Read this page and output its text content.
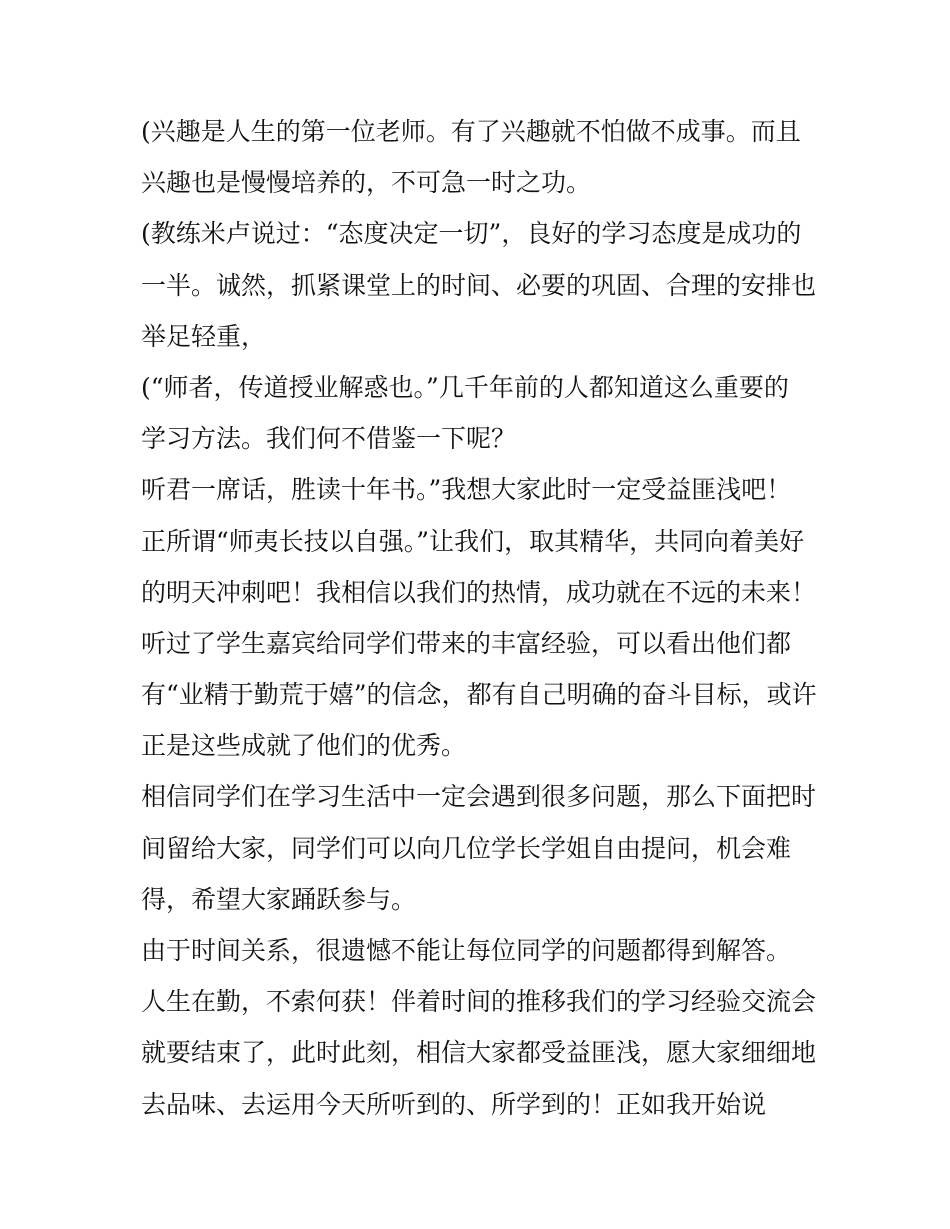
(兴趣是人生的第一位老师。有了兴趣就不怕做不成事。而且
兴趣也是慢慢培养的，不可急一时之功。
(教练米卢说过：“态度决定一切”，良好的学习态度是成功的
一半。诚然，抓紧课堂上的时间、必要的巩固、合理的安排也
举足轻重，
(“师者，传道授业解惑也。”几千年前的人都知道这么重要的
学习方法。我们何不借鉴一下呢？
听君一席话，胜读十年书。”我想大家此时一定受益匪浅吧！
正所谓“师夷长技以自强。”让我们，取其精华，共同向着美好
的明天冲刺吧！我相信以我们的热情，成功就在不远的未来！
听过了学生嘉宾给同学们带来的丰富经验，可以看出他们都
有“业精于勤荒于嬉”的信念，都有自己明确的奋斗目标，或许
正是这些成就了他们的优秀。
相信同学们在学习生活中一定会遇到很多问题，那么下面把时
间留给大家，同学们可以向几位学长学姐自由提问，机会难
得，希望大家踊跃参与。
由于时间关系，很遗憾不能让每位同学的问题都得到解答。
人生在勤，不索何获！伴着时间的推移我们的学习经验交流会
就要结束了，此时此刻，相信大家都受益匪浅，愿大家细细地
去品味、去运用今天所听到的、所学到的！正如我开始说
